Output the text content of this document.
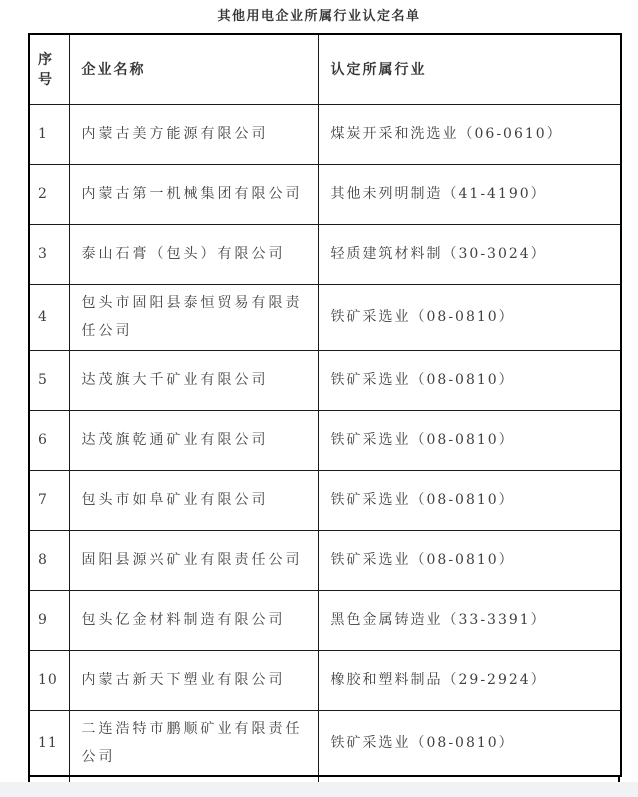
其他用电企业所属行业认定名单
序号	企业名称	认定所属行业
1	内蒙古美方能源有限公司	煤炭开采和洗选业（06-0610）
2	内蒙古第一机械集团有限公司	其他未列明制造（41-4190）
3	泰山石膏（包头）有限公司	轻质建筑材料制（30-3024）
4	包头市固阳县泰恒贸易有限责任公司	铁矿采选业（08-0810）
5	达茂旗大千矿业有限公司	铁矿采选业（08-0810）
6	达茂旗乾通矿业有限公司	铁矿采选业（08-0810）
7	包头市如阜矿业有限公司	铁矿采选业（08-0810）
8	固阳县源兴矿业有限责任公司	铁矿采选业（08-0810）
9	包头亿金材料制造有限公司	黑色金属铸造业（33-3391）
10	内蒙古新天下塑业有限公司	橡胶和塑料制品（29-2924）
11	二连浩特市鹏顺矿业有限责任公司	铁矿采选业（08-0810）
